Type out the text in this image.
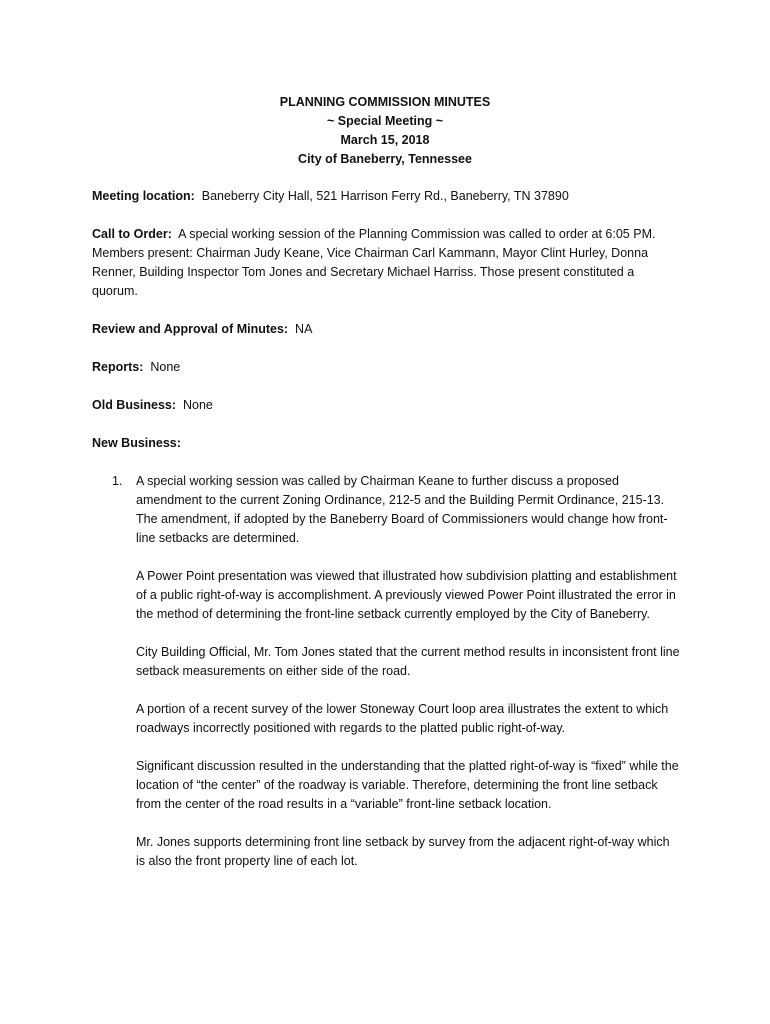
PLANNING COMMISSION MINUTES
~ Special Meeting ~
March 15, 2018
City of Baneberry, Tennessee

Meeting location: Baneberry City Hall, 521 Harrison Ferry Rd., Baneberry, TN 37890

Call to Order: A special working session of the Planning Commission was called to order at 6:05 PM. Members present: Chairman Judy Keane, Vice Chairman Carl Kammann, Mayor Clint Hurley, Donna Renner, Building Inspector Tom Jones and Secretary Michael Harriss. Those present constituted a quorum.

Review and Approval of Minutes: NA

Reports: None

Old Business: None

New Business:

1. A special working session was called by Chairman Keane to further discuss a proposed amendment to the current Zoning Ordinance, 212-5 and the Building Permit Ordinance, 215-13. The amendment, if adopted by the Baneberry Board of Commissioners would change how front-line setbacks are determined.

A Power Point presentation was viewed that illustrated how subdivision platting and establishment of a public right-of-way is accomplishment. A previously viewed Power Point illustrated the error in the method of determining the front-line setback currently employed by the City of Baneberry.

City Building Official, Mr. Tom Jones stated that the current method results in inconsistent front line setback measurements on either side of the road.

A portion of a recent survey of the lower Stoneway Court loop area illustrates the extent to which roadways incorrectly positioned with regards to the platted public right-of-way.

Significant discussion resulted in the understanding that the platted right-of-way is “fixed” while the location of “the center” of the roadway is variable. Therefore, determining the front line setback from the center of the road results in a “variable” front-line setback location.

Mr. Jones supports determining front line setback by survey from the adjacent right-of-way which is also the front property line of each lot.
